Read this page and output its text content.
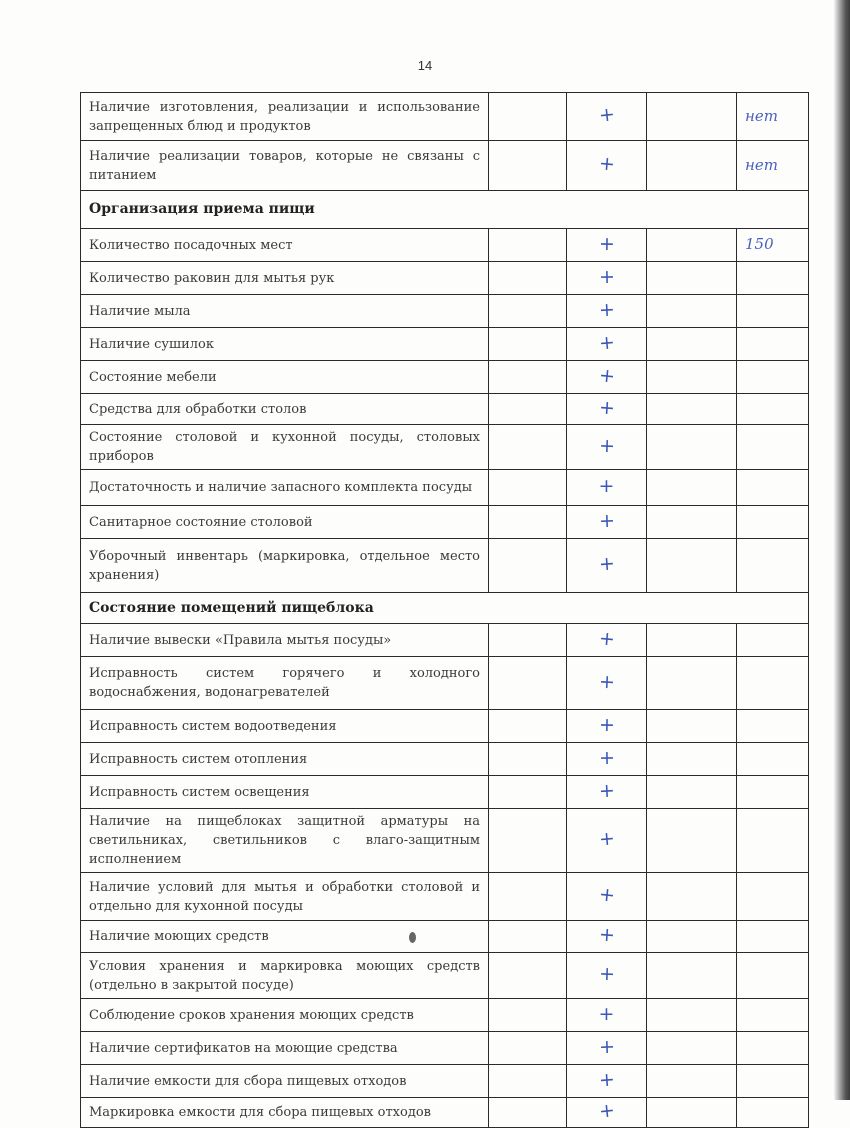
14
Наличие изготовления, реализации и использование запрещенных блюд и продуктов		+		нет
Наличие реализации товаров, которые не связаны с питанием		+		нет
Организация приема пищи				
Количество посадочных мест		+		150
Количество раковин для мытья рук		+		
Наличие мыла		+		
Наличие сушилок		+		
Состояние мебели		+		
Средства для обработки столов		+		
Состояние столовой и кухонной посуды, столовых приборов		+		
Достаточность и наличие запасного комплекта посуды		+		
Санитарное состояние столовой		+		
Уборочный инвентарь (маркировка, отдельное место хранения)		+		
Состояние помещений пищеблока				
Наличие вывески «Правила мытья посуды»		+		
Исправность систем горячего и холодного водоснабжения, водонагревателей		+		
Исправность систем водоотведения		+		
Исправность систем отопления		+		
Исправность систем освещения		+		
Наличие на пищеблоках защитной арматуры на светильниках, светильников с влаго-защитным исполнением		+		
Наличие условий для мытья и обработки столовой и отдельно для кухонной посуды		+		
Наличие моющих средств		+		
Условия хранения и маркировка моющих средств (отдельно в закрытой посуде)		+		
Соблюдение сроков хранения моющих средств		+		
Наличие сертификатов на моющие средства		+		
Наличие емкости для сбора пищевых отходов		+		
Маркировка емкости для сбора пищевых отходов		+		
